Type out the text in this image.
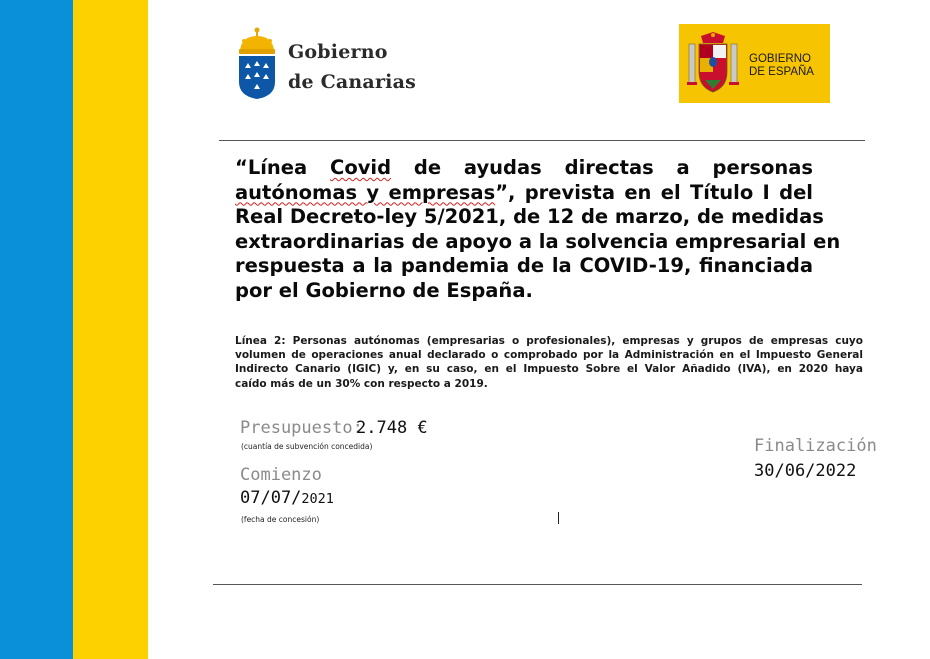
Gobierno
de Canarias
GOBIERNO
DE ESPAÑA
“Línea Covid de ayudas directas a personas
autónomas y empresas”, prevista en el Título I del
Real Decreto-ley 5/2021, de 12 de marzo, de medidas
extraordinarias de apoyo a la solvencia empresarial en
respuesta a la pandemia de la COVID-19, financiada
por el Gobierno de España.

Línea 2: Personas autónomas (empresarias o profesionales), empresas y grupos de empresas cuyo
volumen de operaciones anual declarado o comprobado por la Administración en el Impuesto General
Indirecto Canario (IGIC) y, en su caso, en el Impuesto Sobre el Valor Añadido (IVA), en 2020 haya
caído más de un 30% con respecto a 2019.

Presupuesto:
2.748 €
(cuantía de subvención concedida)
Comienzo
07/07/2021
(fecha de concesión)
Finalización
30/06/2022
